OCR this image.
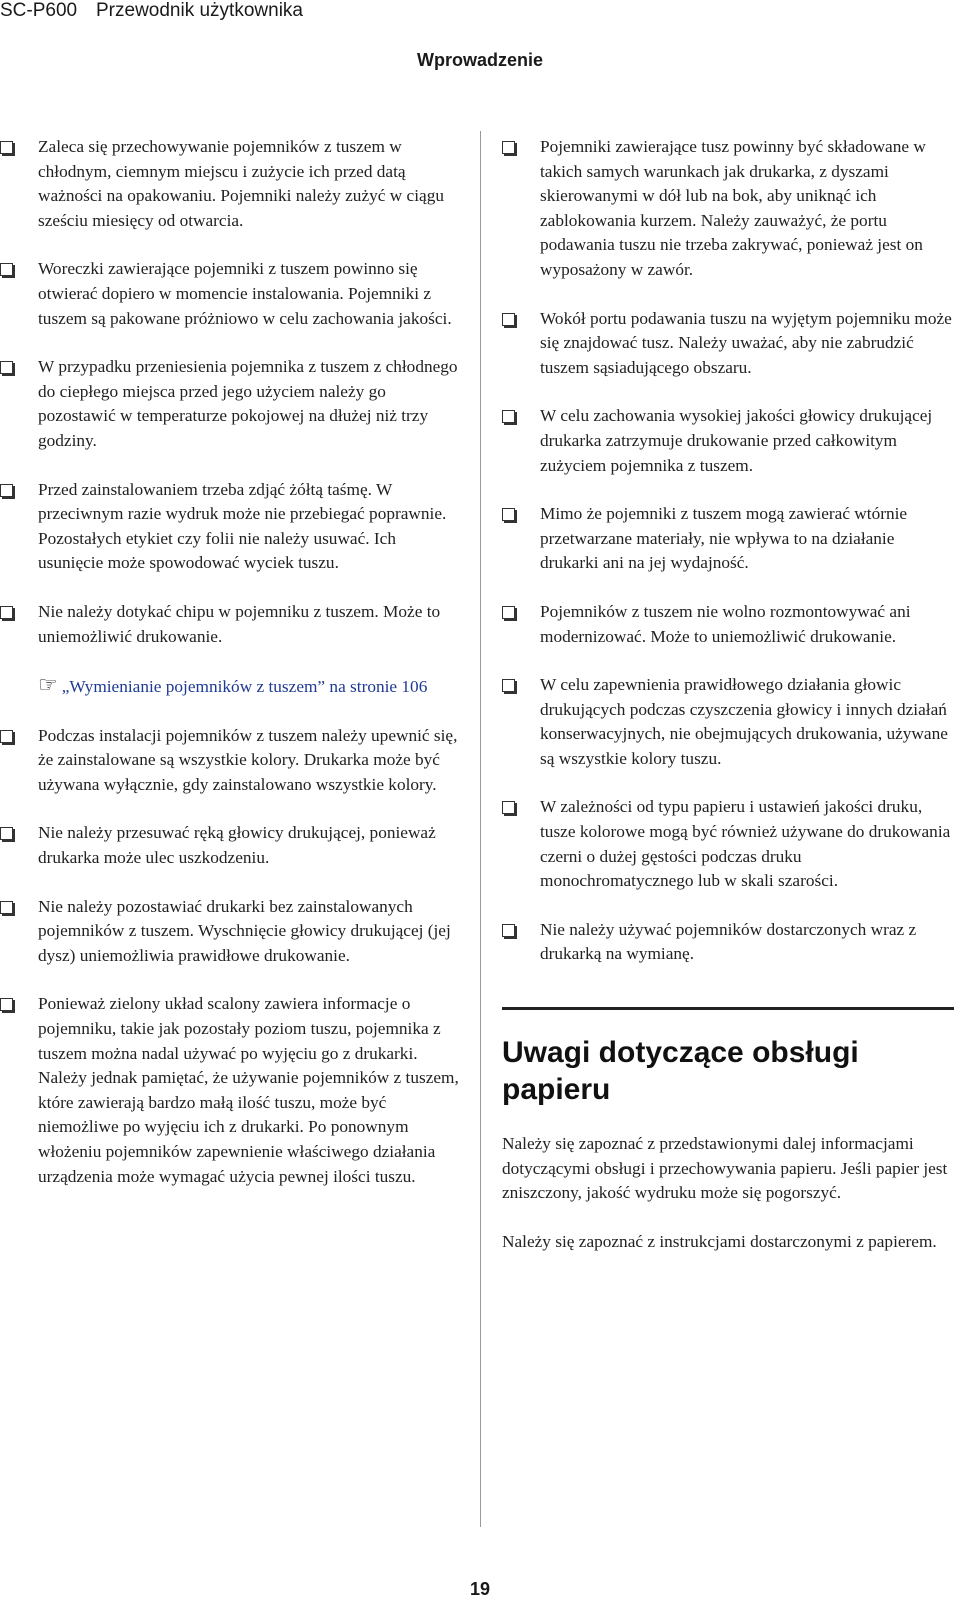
SC-P600 Przewodnik użytkownika
Wprowadzenie
Zaleca się przechowywanie pojemników z tuszem w chłodnym, ciemnym miejscu i zużycie ich przed datą ważności na opakowaniu. Pojemniki należy zużyć w ciągu sześciu miesięcy od otwarcia.
Woreczki zawierające pojemniki z tuszem powinno się otwierać dopiero w momencie instalowania. Pojemniki z tuszem są pakowane próżniowo w celu zachowania jakości.
W przypadku przeniesienia pojemnika z tuszem z chłodnego do ciepłego miejsca przed jego użyciem należy go pozostawić w temperaturze pokojowej na dłużej niż trzy godziny.
Przed zainstalowaniem trzeba zdjąć żółtą taśmę. W przeciwnym razie wydruk może nie przebiegać poprawnie. Pozostałych etykiet czy folii nie należy usuwać. Ich usunięcie może spowodować wyciek tuszu.
Nie należy dotykać chipu w pojemniku z tuszem. Może to uniemożliwić drukowanie.
☞ „Wymienianie pojemników z tuszem” na stronie 106
Podczas instalacji pojemników z tuszem należy upewnić się, że zainstalowane są wszystkie kolory. Drukarka może być używana wyłącznie, gdy zainstalowano wszystkie kolory.
Nie należy przesuwać ręką głowicy drukującej, ponieważ drukarka może ulec uszkodzeniu.
Nie należy pozostawiać drukarki bez zainstalowanych pojemników z tuszem. Wyschnięcie głowicy drukującej (jej dysz) uniemożliwia prawidłowe drukowanie.
Ponieważ zielony układ scalony zawiera informacje o pojemniku, takie jak pozostały poziom tuszu, pojemnika z tuszem można nadal używać po wyjęciu go z drukarki. Należy jednak pamiętać, że używanie pojemników z tuszem, które zawierają bardzo małą ilość tuszu, może być niemożliwe po wyjęciu ich z drukarki. Po ponownym włożeniu pojemników zapewnienie właściwego działania urządzenia może wymagać użycia pewnej ilości tuszu.
Pojemniki zawierające tusz powinny być składowane w takich samych warunkach jak drukarka, z dyszami skierowanymi w dół lub na bok, aby uniknąć ich zablokowania kurzem. Należy zauważyć, że portu podawania tuszu nie trzeba zakrywać, ponieważ jest on wyposażony w zawór.
Wokół portu podawania tuszu na wyjętym pojemniku może się znajdować tusz. Należy uważać, aby nie zabrudzić tuszem sąsiadującego obszaru.
W celu zachowania wysokiej jakości głowicy drukującej drukarka zatrzymuje drukowanie przed całkowitym zużyciem pojemnika z tuszem.
Mimo że pojemniki z tuszem mogą zawierać wtórnie przetwarzane materiały, nie wpływa to na działanie drukarki ani na jej wydajność.
Pojemników z tuszem nie wolno rozmontowywać ani modernizować. Może to uniemożliwić drukowanie.
W celu zapewnienia prawidłowego działania głowic drukujących podczas czyszczenia głowicy i innych działań konserwacyjnych, nie obejmujących drukowania, używane są wszystkie kolory tuszu.
W zależności od typu papieru i ustawień jakości druku, tusze kolorowe mogą być również używane do drukowania czerni o dużej gęstości podczas druku monochromatycznego lub w skali szarości.
Nie należy używać pojemników dostarczonych wraz z drukarką na wymianę.
Uwagi dotyczące obsługi papieru
Należy się zapoznać z przedstawionymi dalej informacjami dotyczącymi obsługi i przechowywania papieru. Jeśli papier jest zniszczony, jakość wydruku może się pogorszyć.
Należy się zapoznać z instrukcjami dostarczonymi z papierem.
19
